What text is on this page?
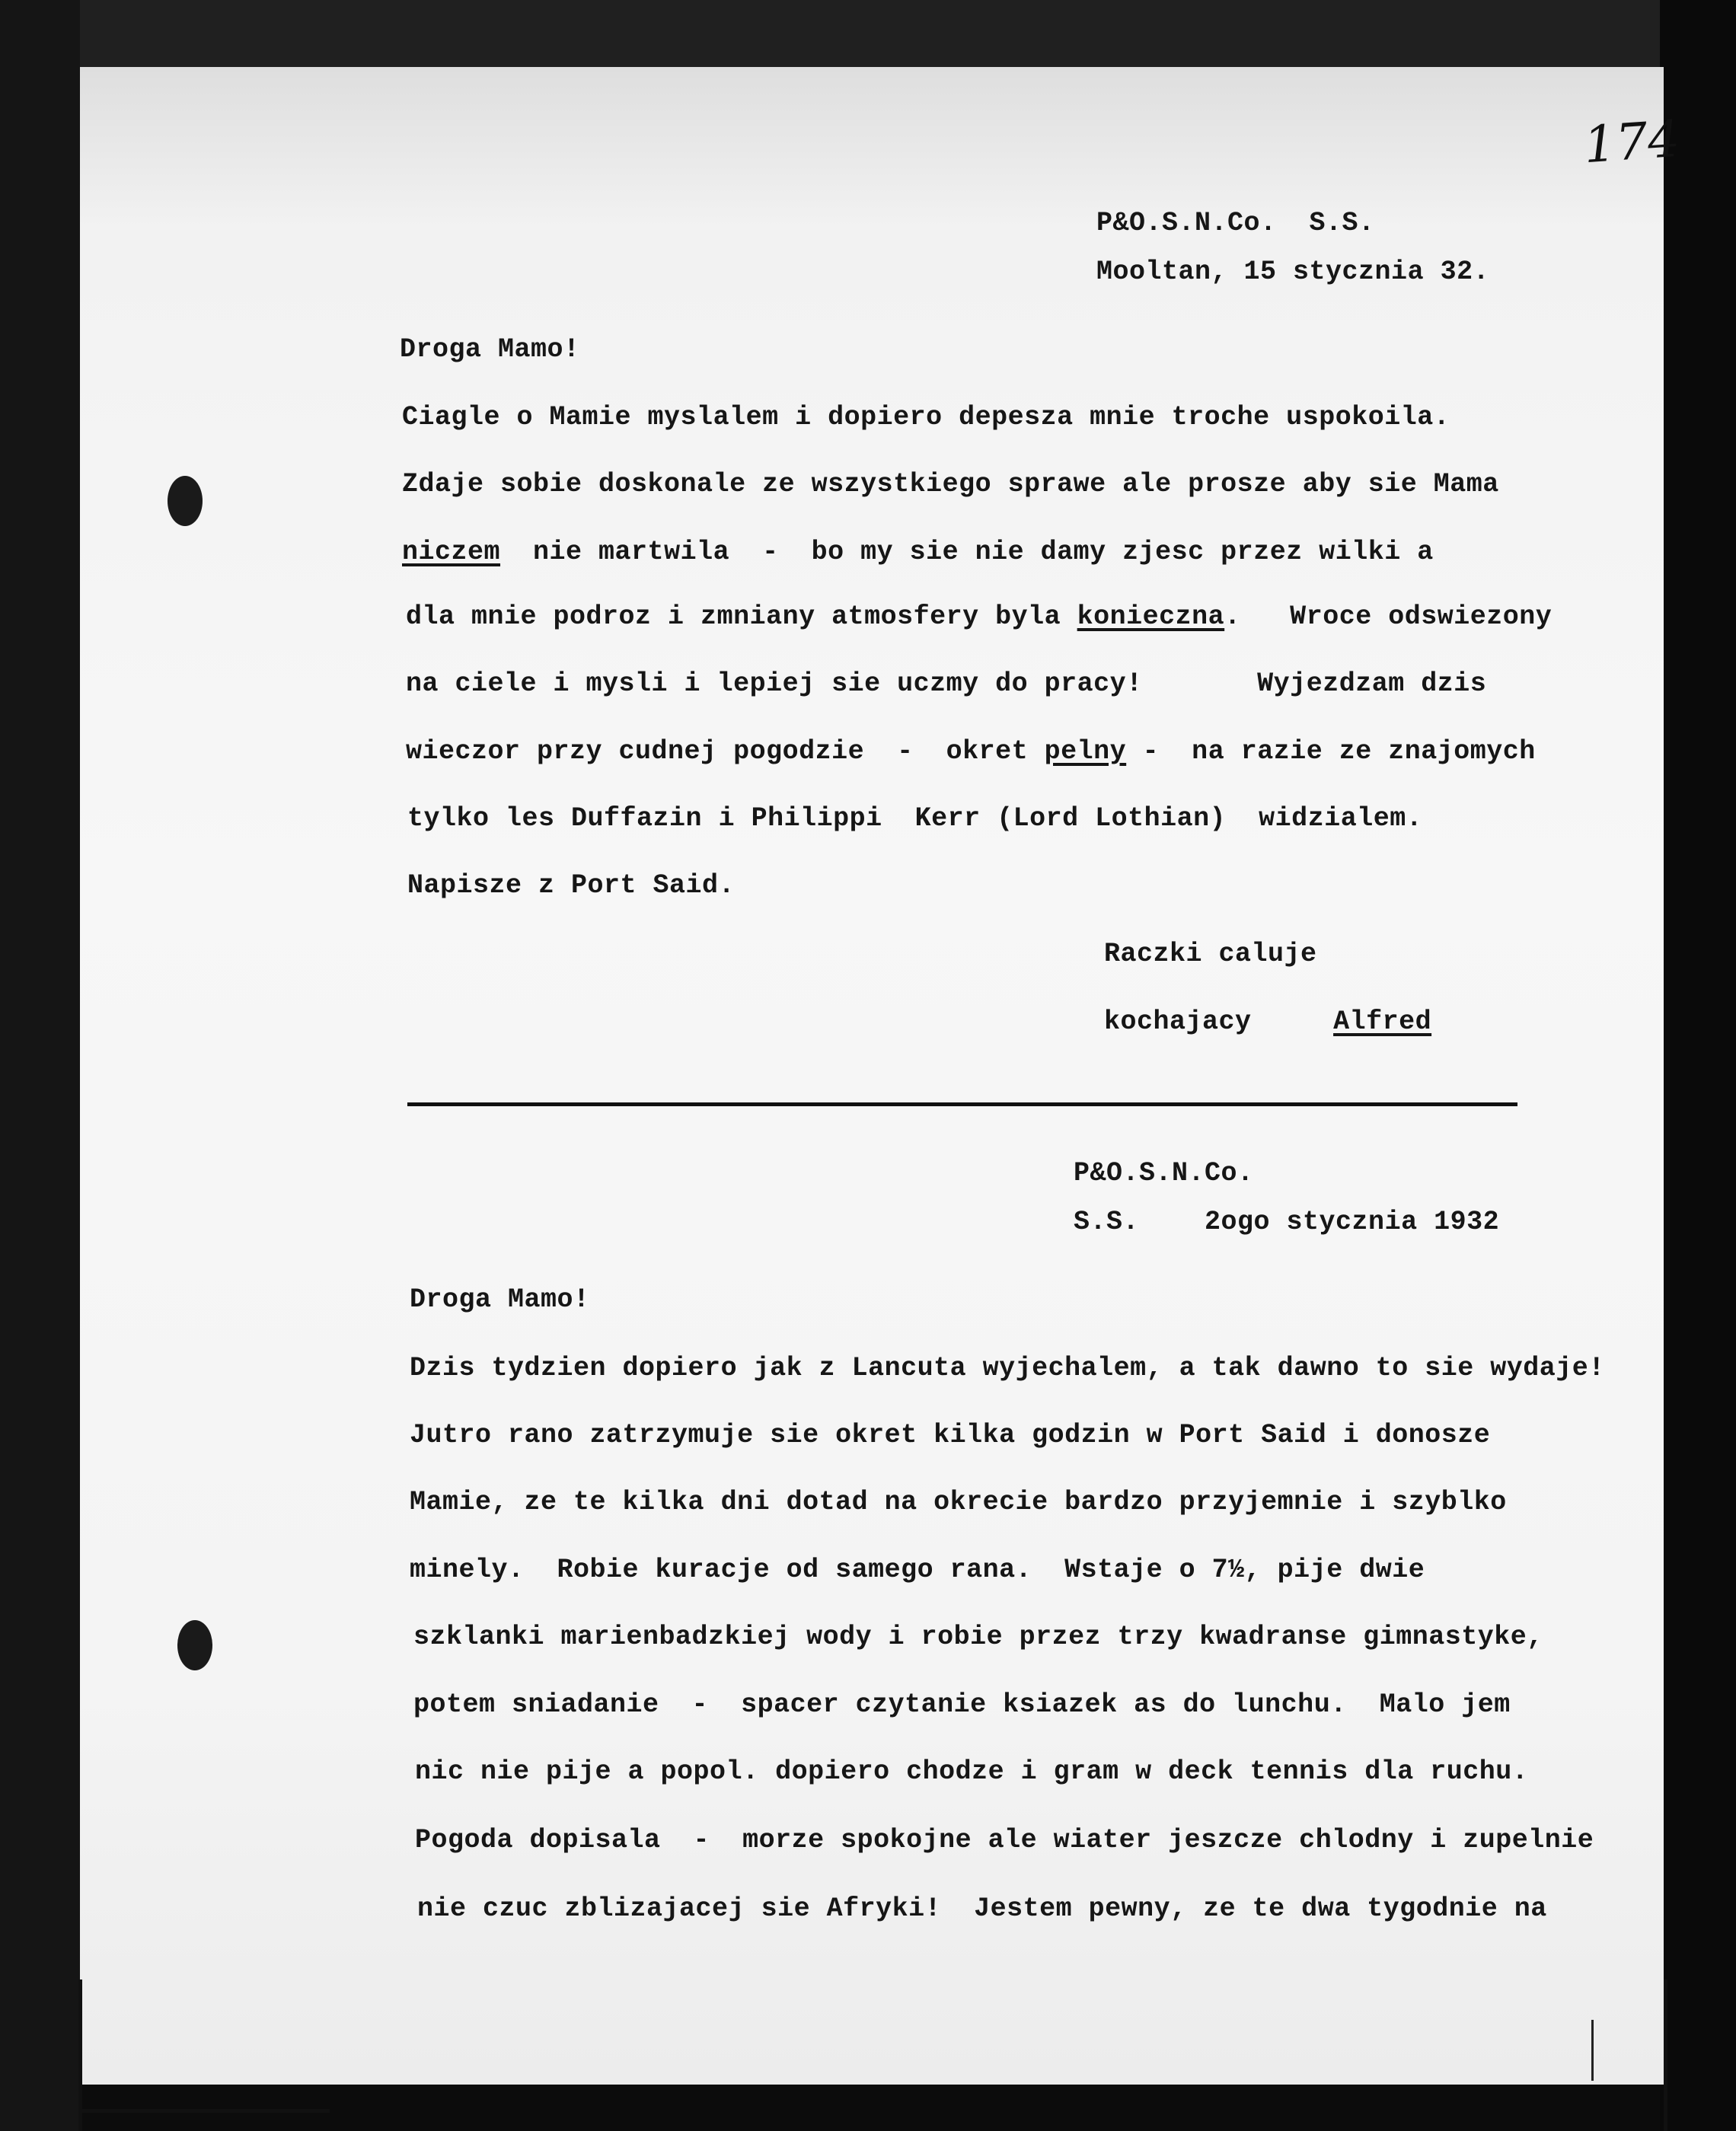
174
P&O.S.N.Co.  S.S.
Mooltan, 15 stycznia 32.
Droga Mamo!
Ciagle o Mamie myslalem i dopiero depesza mnie troche uspokoila.
Zdaje sobie doskonale ze wszystkiego sprawe ale prosze aby sie Mama
niczem  nie martwila  -  bo my sie nie damy zjesc przez wilki a
dla mnie podroz i zmniany atmosfery byla konieczna.   Wroce odswiezony
na ciele i mysli i lepiej sie uczmy do pracy!       Wyjezdzam dzis
wieczor przy cudnej pogodzie  -  okret pelny -  na razie ze znajomych
tylko les Duffazin i Philippi  Kerr (Lord Lothian)  widzialem.
Napisze z Port Said.
Raczki caluje
kochajacy     Alfred
P&O.S.N.Co.
S.S.    2ogo stycznia 1932
Droga Mamo!
Dzis tydzien dopiero jak z Lancuta wyjechalem, a tak dawno to sie wydaje!
Jutro rano zatrzymuje sie okret kilka godzin w Port Said i donosze
Mamie, ze te kilka dni dotad na okrecie bardzo przyjemnie i szyblko
minely.  Robie kuracje od samego rana.  Wstaje o 7½, pije dwie
szklanki marienbadzkiej wody i robie przez trzy kwadranse gimnastyke,
potem sniadanie  -  spacer czytanie ksiazek as do lunchu.  Malo jem
nic nie pije a popol. dopiero chodze i gram w deck tennis dla ruchu.
Pogoda dopisala  -  morze spokojne ale wiater jeszcze chlodny i zupelnie
nie czuc zblizajacej sie Afryki!  Jestem pewny, ze te dwa tygodnie na
